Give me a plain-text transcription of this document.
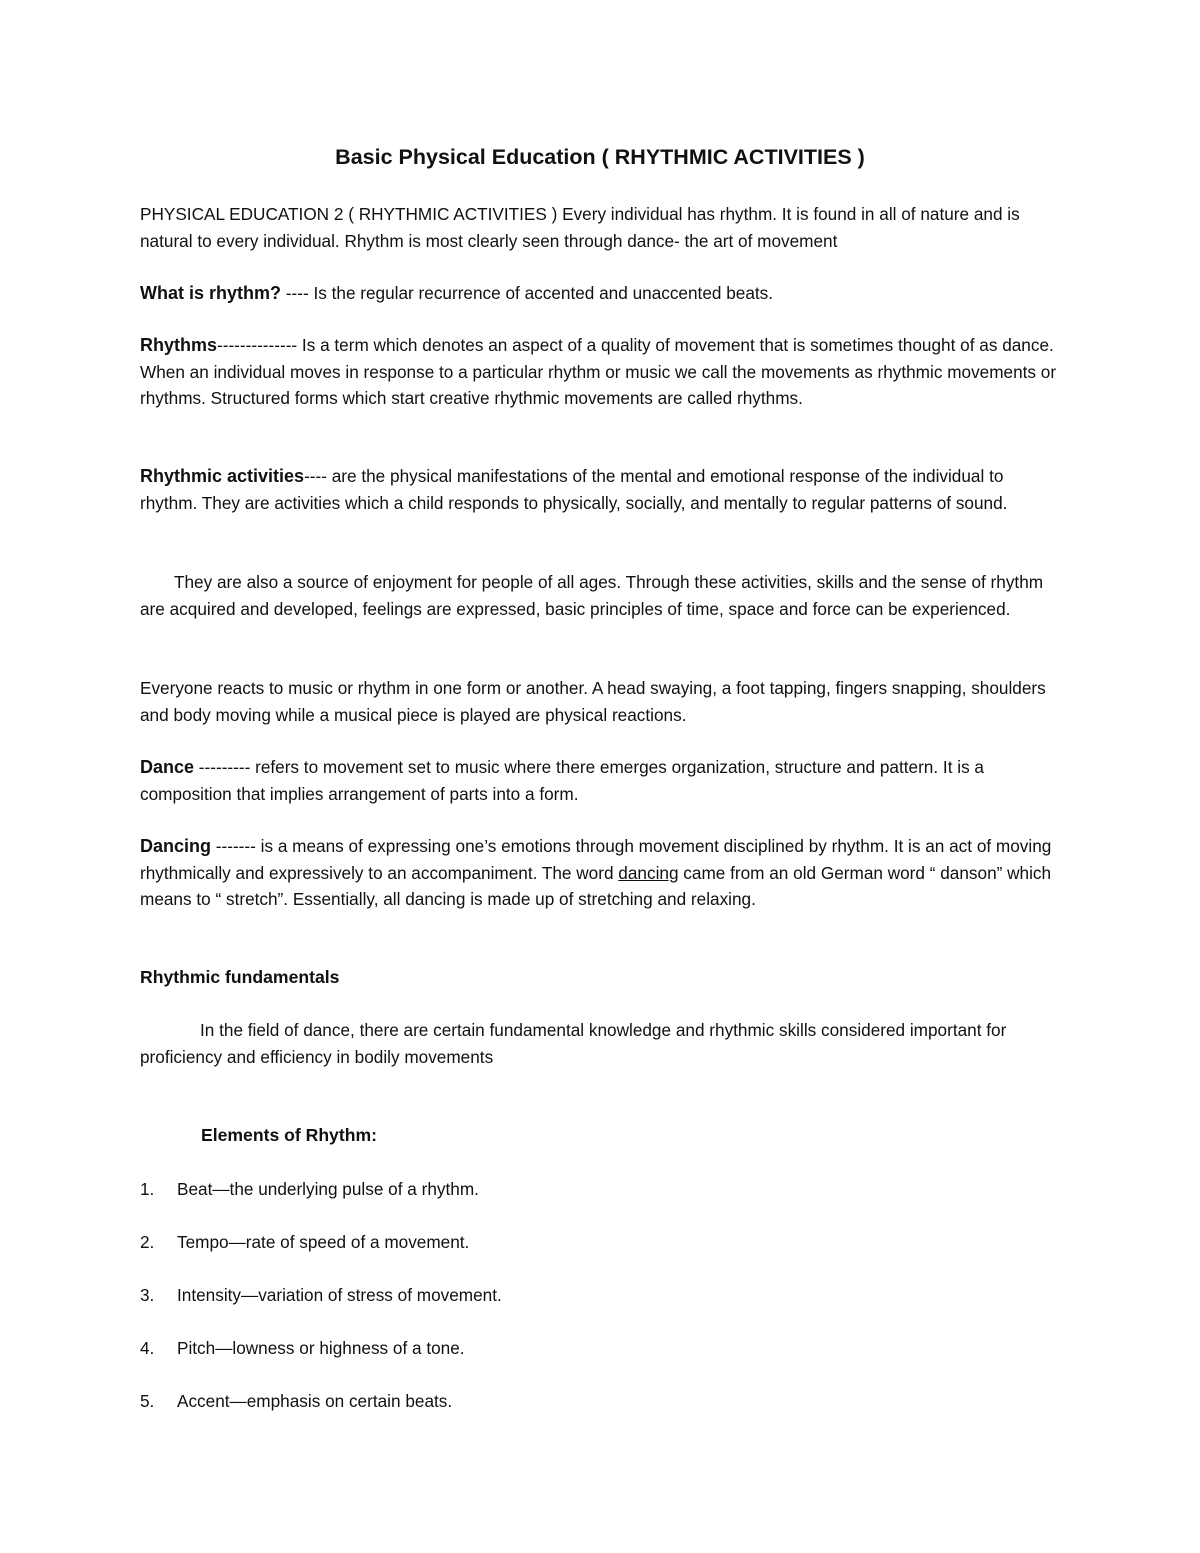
Basic Physical Education ( RHYTHMIC ACTIVITIES )

PHYSICAL EDUCATION 2 ( RHYTHMIC ACTIVITIES ) Every individual has rhythm. It is found in all of nature and is natural to every individual. Rhythm is most clearly seen through dance- the art of movement

What is rhythm? ---- Is the regular recurrence of accented and unaccented beats.

Rhythms-------------- Is a term which denotes an aspect of a quality of movement that is sometimes thought of as dance. When an individual moves in response to a particular rhythm or music we call the movements as rhythmic movements or rhythms. Structured forms which start creative rhythmic movements are called rhythms.

Rhythmic activities---- are the physical manifestations of the mental and emotional response of the individual to rhythm. They are activities which a child responds to physically, socially, and mentally to regular patterns of sound.

They are also a source of enjoyment for people of all ages. Through these activities, skills and the sense of rhythm are acquired and developed, feelings are expressed, basic principles of time, space and force can be experienced.

Everyone reacts to music or rhythm in one form or another. A head swaying, a foot tapping, fingers snapping, shoulders and body moving while a musical piece is played are physical reactions.

Dance --------- refers to movement set to music where there emerges organization, structure and pattern. It is a composition that implies arrangement of parts into a form.

Dancing ------- is a means of expressing one’s emotions through movement disciplined by rhythm. It is an act of moving rhythmically and expressively to an accompaniment. The word dancing came from an old German word “ danson” which means to “ stretch”. Essentially, all dancing is made up of stretching and relaxing.

Rhythmic fundamentals

In the field of dance, there are certain fundamental knowledge and rhythmic skills considered important for proficiency and efficiency in bodily movements

Elements of Rhythm:

1. Beat—the underlying pulse of a rhythm.

2. Tempo—rate of speed of a movement.

3. Intensity—variation of stress of movement.

4. Pitch—lowness or highness of a tone.

5. Accent—emphasis on certain beats.
